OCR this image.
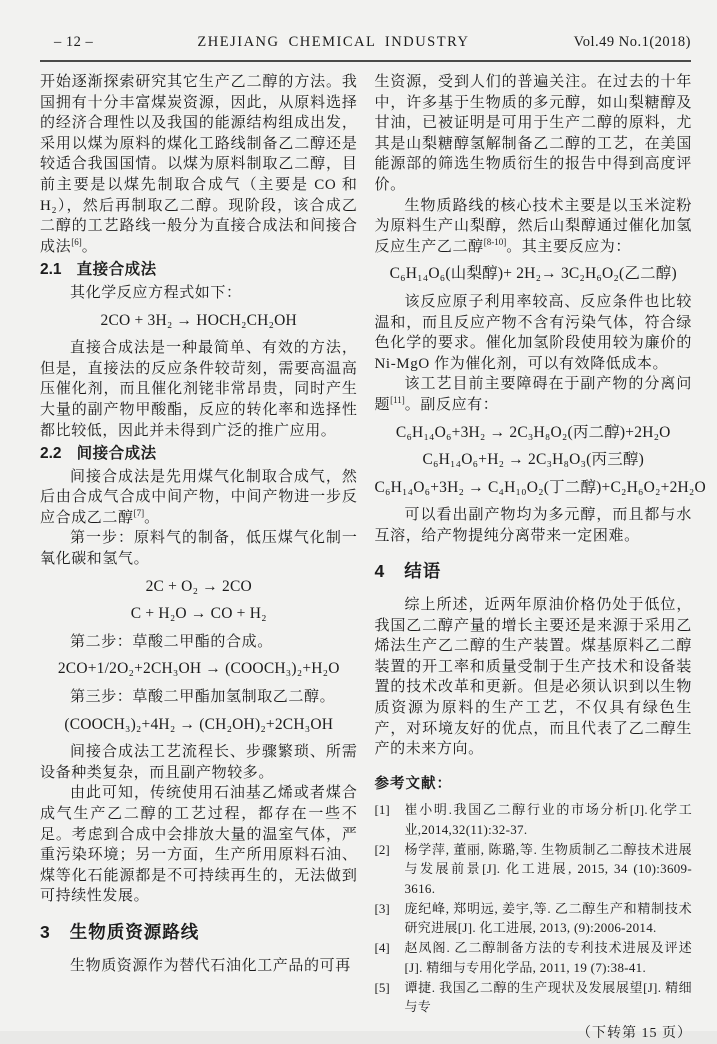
– 12 –	ZHEJIANG CHEMICAL INDUSTRY	Vol.49 No.1(2018)

开始逐渐探索研究其它生产乙二醇的方法。我国拥有十分丰富煤炭资源，因此，从原料选择的经济合理性以及我国的能源结构组成出发，采用以煤为原料的煤化工路线制备乙二醇还是较适合我国国情。以煤为原料制取乙二醇，目前主要是以煤先制取合成气（主要是 CO 和 H₂），然后再制取乙二醇。现阶段，该合成乙二醇的工艺路线一般分为直接合成法和间接合成法[6]。

2.1 直接合成法

其化学反应方程式如下：

2CO + 3H₂ → HOCH₂CH₂OH

直接合成法是一种最简单、有效的方法，但是，直接法的反应条件较苛刻，需要高温高压催化剂，而且催化剂铑非常昂贵，同时产生大量的副产物甲酸酯，反应的转化率和选择性都比较低，因此并未得到广泛的推广应用。

2.2 间接合成法

间接合成法是先用煤气化制取合成气，然后由合成气合成中间产物，中间产物进一步反应合成乙二醇[7]。

第一步：原料气的制备，低压煤气化制一氧化碳和氢气。

2C + O₂ → 2CO
C + H₂O → CO + H₂

第二步：草酸二甲酯的合成。

2CO+1/2O₂+2CH₃OH → (COOCH₃)₂+H₂O

第三步：草酸二甲酯加氢制取乙二醇。

(COOCH₃)₂+4H₂ → (CH₂OH)₂+2CH₃OH

间接合成法工艺流程长、步骤繁琐、所需设备种类复杂，而且副产物较多。

由此可知，传统使用石油基乙烯或者煤合成气生产乙二醇的工艺过程，都存在一些不足。考虑到合成中会排放大量的温室气体，严重污染环境；另一方面，生产所用原料石油、煤等化石能源都是不可持续再生的，无法做到可持续性发展。

3 生物质资源路线

生物质资源作为替代石油化工产品的可再

生资源，受到人们的普遍关注。在过去的十年中，许多基于生物质的多元醇，如山梨糖醇及甘油，已被证明是可用于生产二醇的原料，尤其是山梨糖醇氢解制备乙二醇的工艺，在美国能源部的筛选生物质衍生的报告中得到高度评价。

生物质路线的核心技术主要是以玉米淀粉为原料生产山梨醇，然后山梨醇通过催化加氢反应生产乙二醇[8-10]。其主要反应为：

C₆H₁₄O₆(山梨醇)+ 2H₂→ 3C₂H₆O₂(乙二醇)

该反应原子利用率较高、反应条件也比较温和，而且反应产物不含有污染气体，符合绿色化学的要求。催化加氢阶段使用较为廉价的 Ni-MgO 作为催化剂，可以有效降低成本。

该工艺目前主要障碍在于副产物的分离问题[11]。副反应有：

C₆H₁₄O₆+3H₂ → 2C₃H₈O₂(丙二醇)+2H₂O
C₆H₁₄O₆+H₂ → 2C₃H₈O₃(丙三醇)
C₆H₁₄O₆+3H₂ → C₄H₁₀O₂(丁二醇)+C₂H₆O₂+2H₂O

可以看出副产物均为多元醇，而且都与水互溶，给产物提纯分离带来一定困难。

4 结语

综上所述，近两年原油价格仍处于低位，我国乙二醇产量的增长主要还是来源于采用乙烯法生产乙二醇的生产装置。煤基原料乙二醇装置的开工率和质量受制于生产技术和设备装置的技术改革和更新。但是必须认识到以生物质资源为原料的生产工艺，不仅具有绿色生产，对环境友好的优点，而且代表了乙二醇生产的未来方向。

参考文献：
[1]	崔小明.我国乙二醇行业的市场分析[J].化学工业,2014,32(11):32-37.
[2]	杨学萍, 董丽, 陈璐,等. 生物质制乙二醇技术进展与发展前景[J]. 化工进展, 2015, 34 (10):3609-3616.
[3]	庞纪峰, 郑明远, 姜宇,等. 乙二醇生产和精制技术研究进展[J]. 化工进展, 2013, (9):2006-2014.
[4]	赵凤阁. 乙二醇制备方法的专利技术进展及评述[J]. 精细与专用化学品, 2011, 19 (7):38-41.
[5]	谭捷. 我国乙二醇的生产现状及发展展望[J]. 精细与专
（下转第 15 页）
